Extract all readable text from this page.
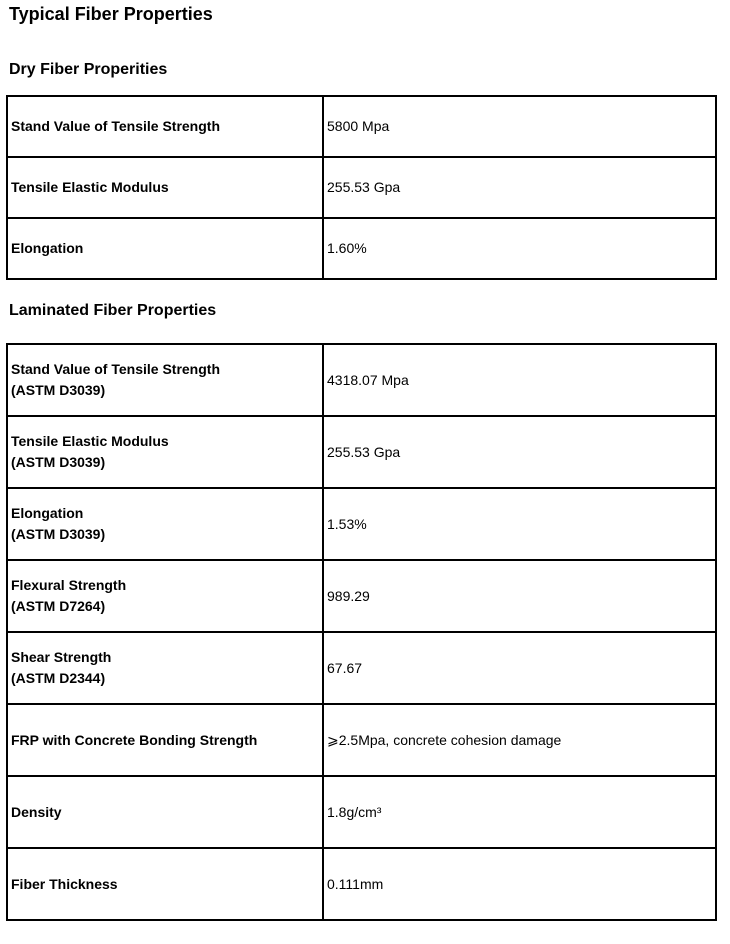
Typical Fiber Properties
Dry Fiber Properities
Stand Value of Tensile Strength	5800 Mpa

Tensile Elastic Modulus	255.53 Gpa

Elongation	1.60%
Laminated Fiber Properties
Stand Value of Tensile Strength
(ASTM D3039)	4318.07 Mpa

Tensile Elastic Modulus
(ASTM D3039)	255.53 Gpa

Elongation
(ASTM D3039)	1.53%

Flexural Strength
(ASTM D7264)	989.29

Shear Strength
(ASTM D2344)	67.67

FRP with Concrete Bonding Strength	⩾2.5Mpa, concrete cohesion damage

Density	1.8g/cm³

Fiber Thickness	0.111mm
